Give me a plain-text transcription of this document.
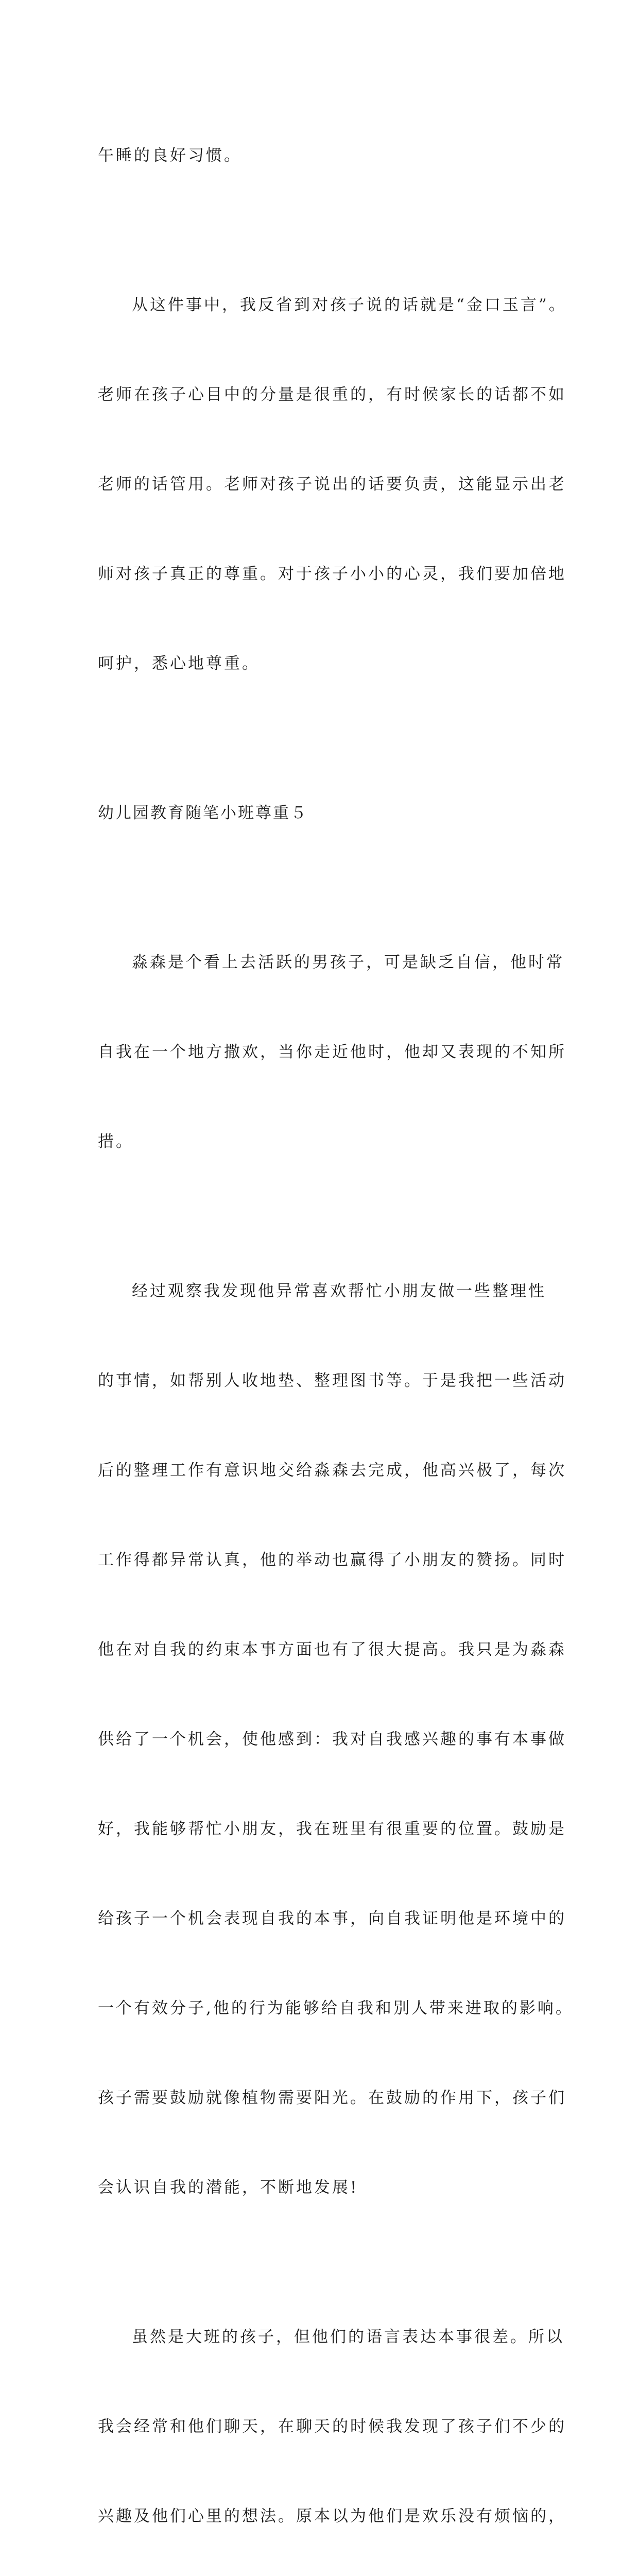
午睡的良好习惯。

从这件事中，我反省到对孩子说的话就是“金口玉言”。

老师在孩子心目中的分量是很重的，有时候家长的话都不如

老师的话管用。老师对孩子说出的话要负责，这能显示出老

师对孩子真正的尊重。对于孩子小小的心灵，我们要加倍地

呵护，悉心地尊重。

幼儿园教育随笔小班尊重５

淼森是个看上去活跃的男孩子，可是缺乏自信，他时常

自我在一个地方撒欢，当你走近他时，他却又表现的不知所

措。

经过观察我发现他异常喜欢帮忙小朋友做一些整理性

的事情，如帮别人收地垫、整理图书等。于是我把一些活动

后的整理工作有意识地交给淼森去完成，他高兴极了，每次

工作得都异常认真，他的举动也赢得了小朋友的赞扬。同时

他在对自我的约束本事方面也有了很大提高。我只是为淼森

供给了一个机会，使他感到：我对自我感兴趣的事有本事做

好，我能够帮忙小朋友，我在班里有很重要的位置。鼓励是

给孩子一个机会表现自我的本事，向自我证明他是环境中的

一个有效分子,他的行为能够给自我和别人带来进取的影响。

孩子需要鼓励就像植物需要阳光。在鼓励的作用下，孩子们

会认识自我的潜能，不断地发展!

虽然是大班的孩子，但他们的语言表达本事很差。所以

我会经常和他们聊天，在聊天的时候我发现了孩子们不少的

兴趣及他们心里的想法。原本以为他们是欢乐没有烦恼的，
